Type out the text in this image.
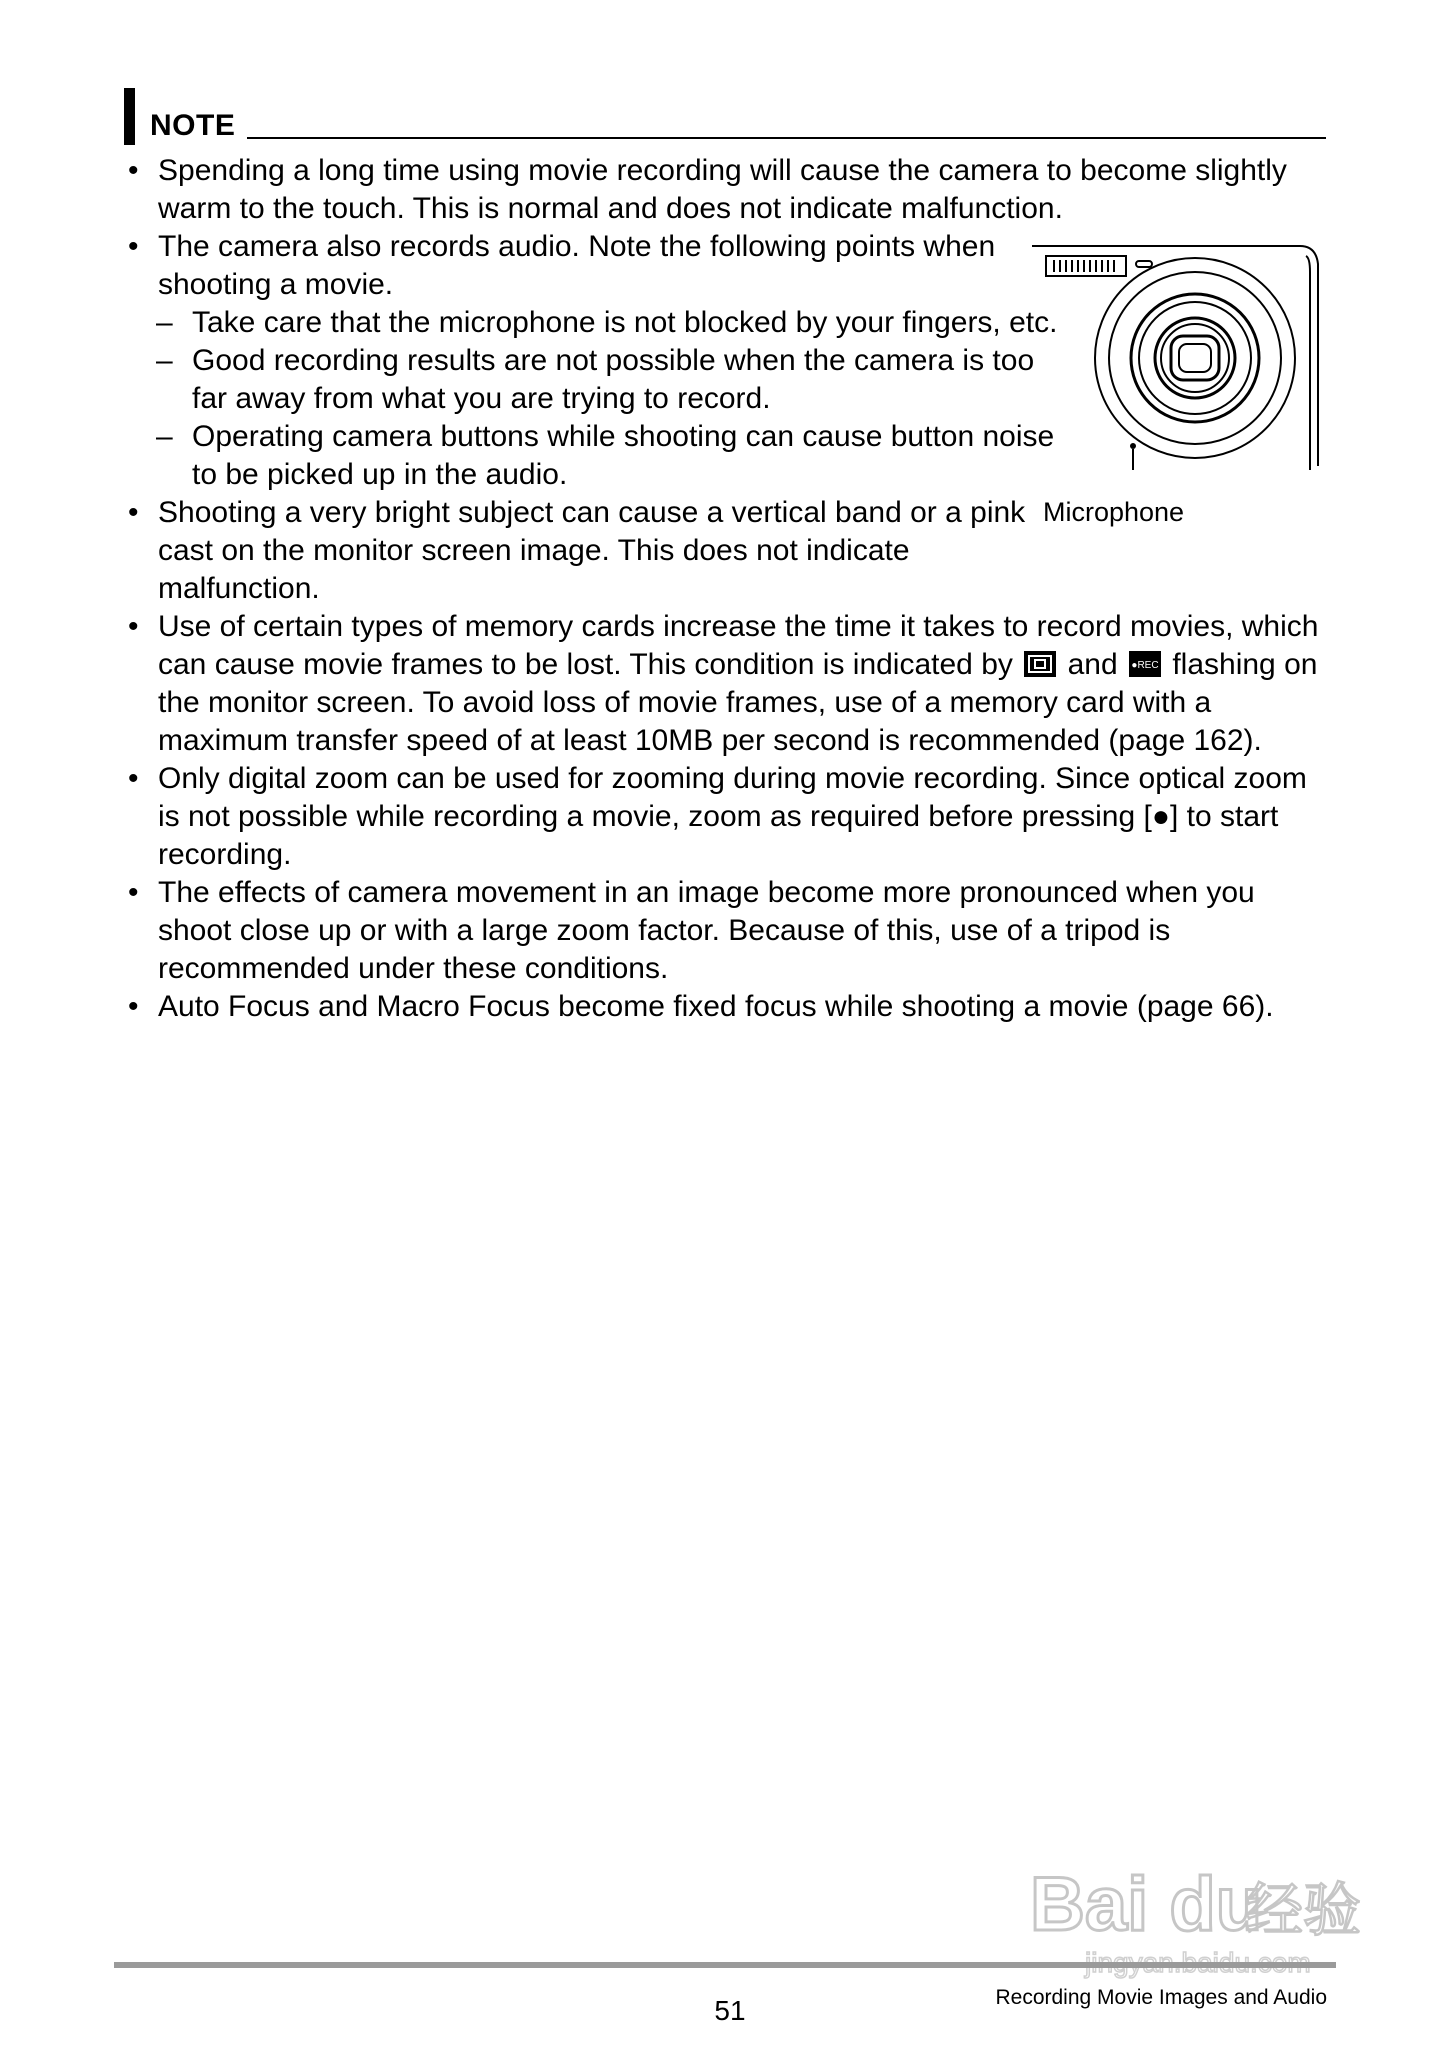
NOTE
• Spending a long time using movie recording will cause the camera to become slightly warm to the touch. This is normal and does not indicate malfunction.
• The camera also records audio. Note the following points when shooting a movie.
– Take care that the microphone is not blocked by your fingers, etc.
– Good recording results are not possible when the camera is too far away from what you are trying to record.
– Operating camera buttons while shooting can cause button noise to be picked up in the audio.
• Shooting a very bright subject can cause a vertical band or a pink cast on the monitor screen image. This does not indicate malfunction.
• Use of certain types of memory cards increase the time it takes to record movies, which can cause movie frames to be lost. This condition is indicated by and ●REC flashing on the monitor screen. To avoid loss of movie frames, use of a memory card with a maximum transfer speed of at least 10MB per second is recommended (page 162).
• Only digital zoom can be used for zooming during movie recording. Since optical zoom is not possible while recording a movie, zoom as required before pressing [●] to start recording.
• The effects of camera movement in an image become more pronounced when you shoot close up or with a large zoom factor. Because of this, use of a tripod is recommended under these conditions.
• Auto Focus and Macro Focus become fixed focus while shooting a movie (page 66).
Microphone
Bai du
经验
51	Recording Movie Images and Audio
